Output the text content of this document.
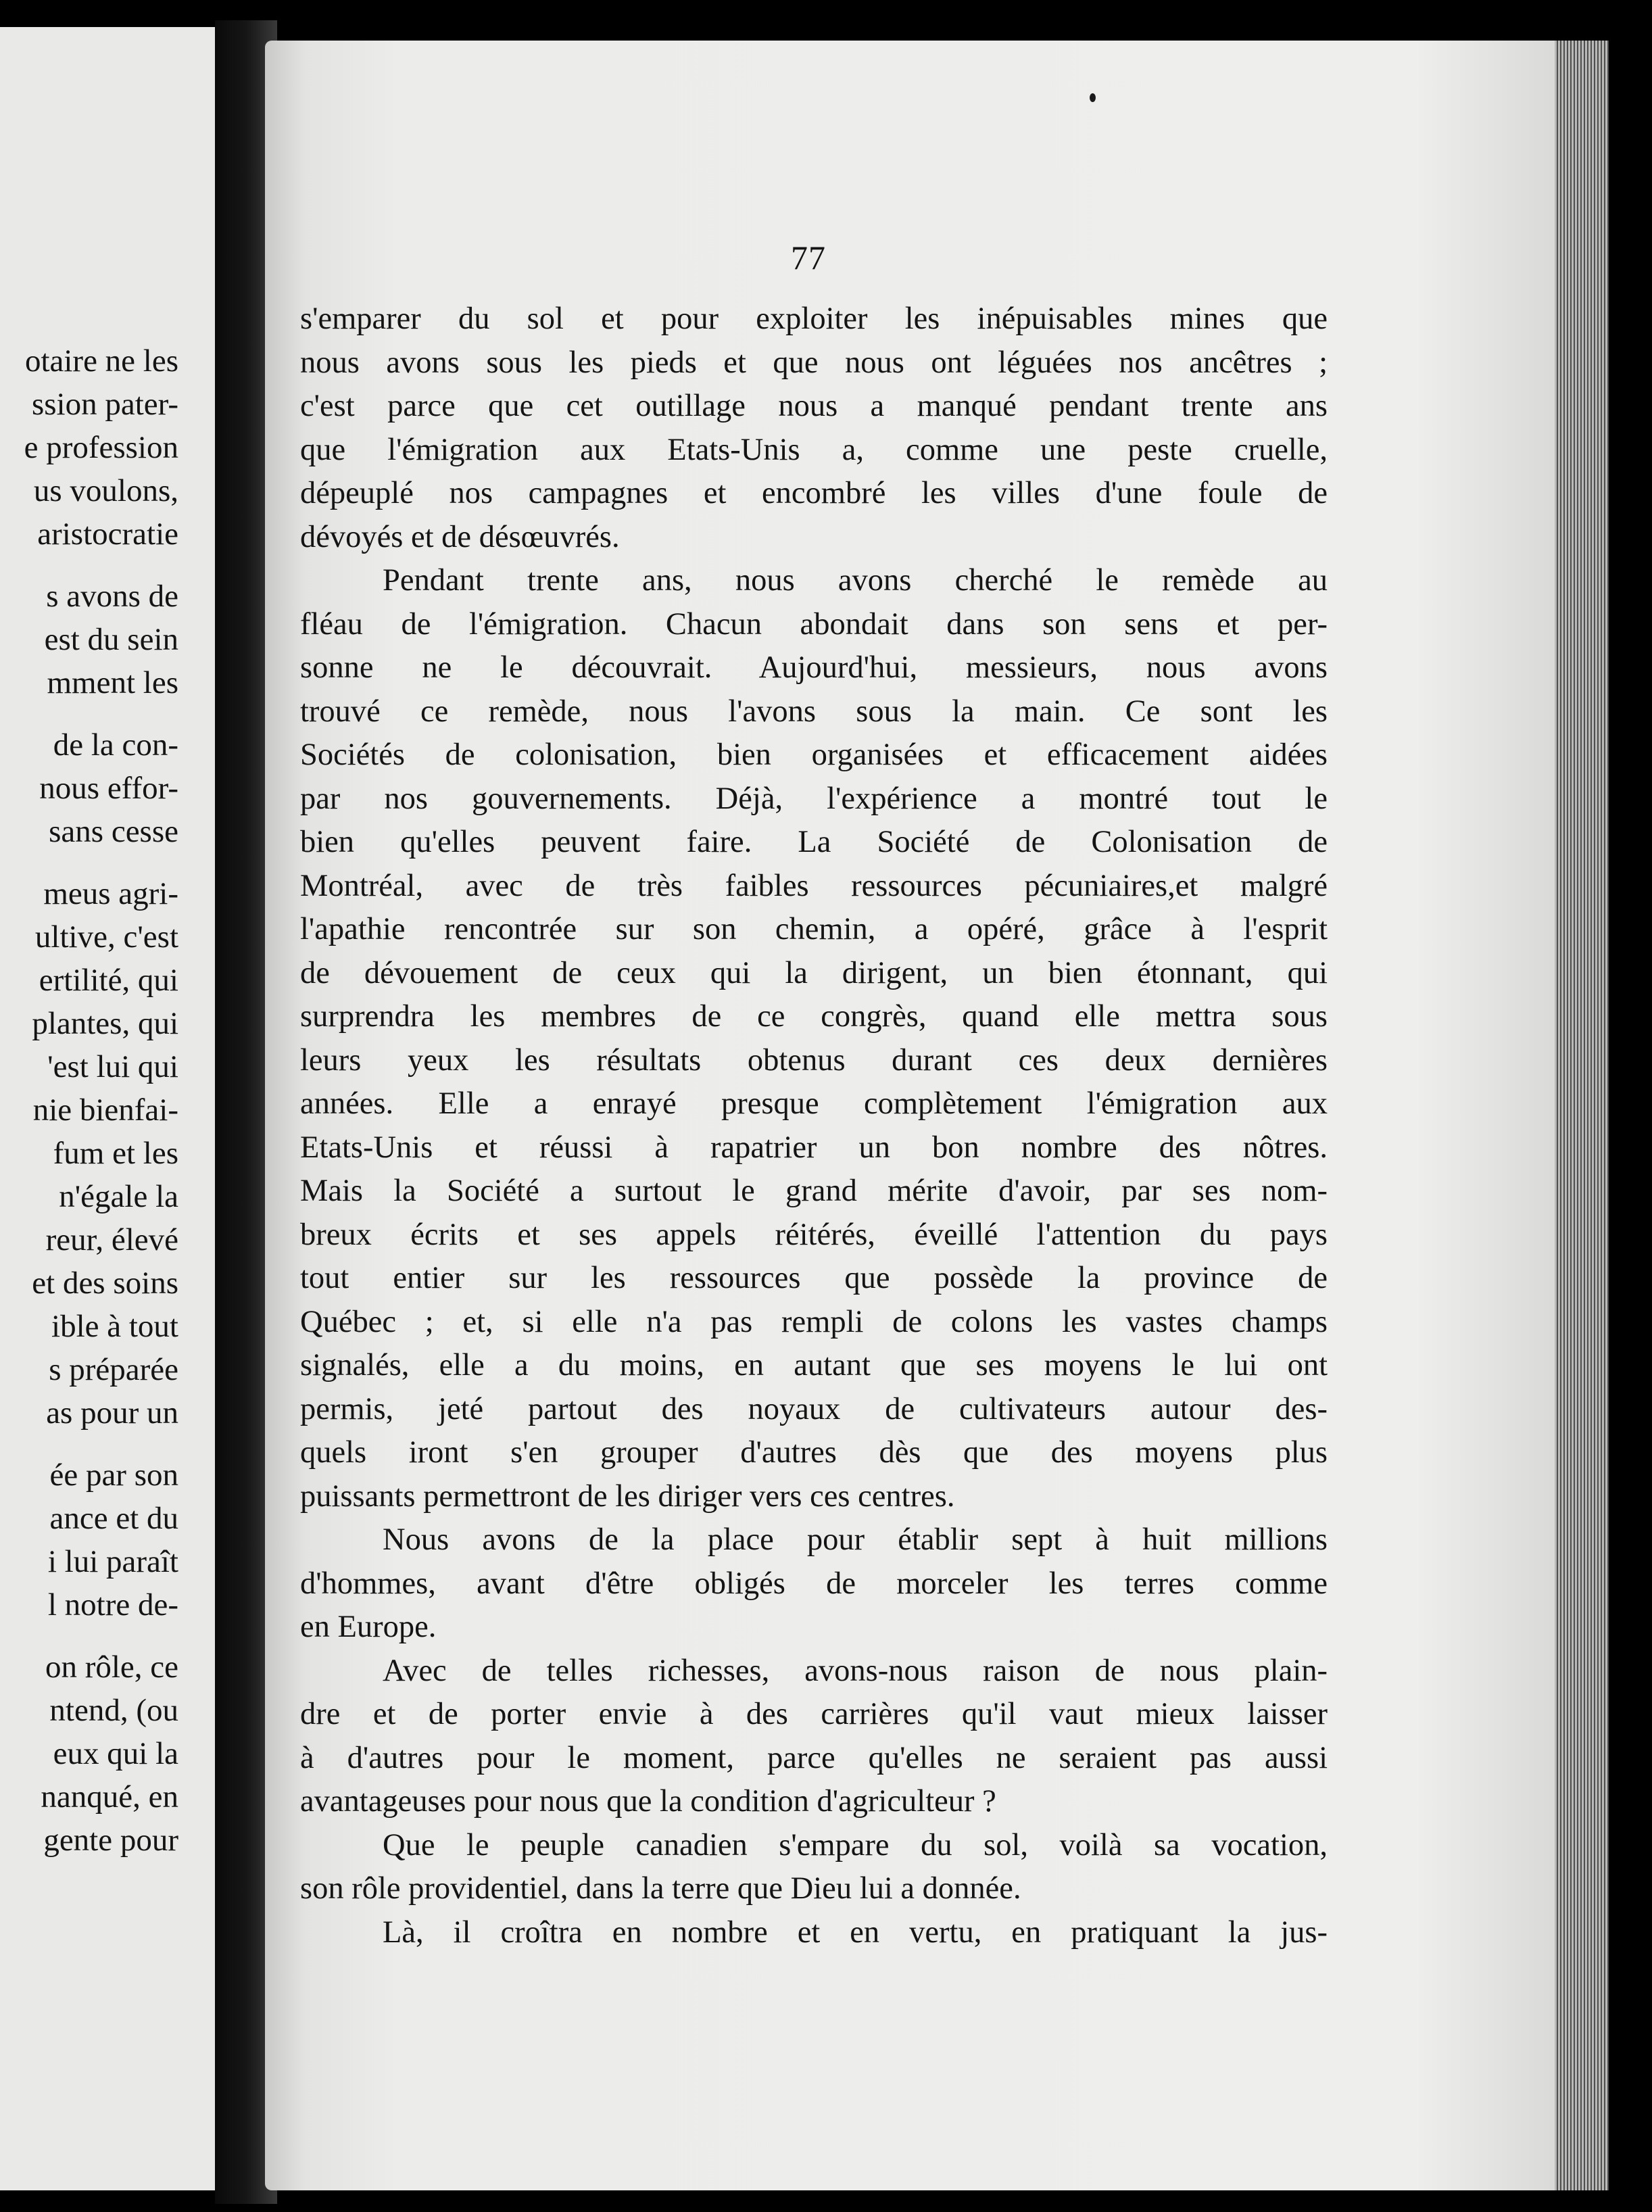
otaire ne les
ssion pater-
e profession
us voulons,
aristocratie
s avons de
est du sein
mment les
de la con-
nous effor-
sans cesse
meus agri-
ultive, c'est
ertilité, qui
plantes, qui
'est lui qui
nie bienfai-
fum et les
n'égale la
reur, élevé
et des soins
ible à tout
s préparée
as pour un
ée par son
ance et du
i lui paraît
l notre de-
on rôle, ce
ntend, (ou
eux qui la
nanqué, en
gente pour
77
s'emparer du sol et pour exploiter les inépuisables mines que
nous avons sous les pieds et que nous ont léguées nos ancêtres ;
c'est parce que cet outillage nous a manqué pendant trente ans
que l'émigration aux Etats-Unis a, comme une peste cruelle,
dépeuplé nos campagnes et encombré les villes d'une foule de
dévoyés et de désœuvrés.
Pendant trente ans, nous avons cherché le remède au
fléau de l'émigration. Chacun abondait dans son sens et per-
sonne ne le découvrait. Aujourd'hui, messieurs, nous avons
trouvé ce remède, nous l'avons sous la main. Ce sont les
Sociétés de colonisation, bien organisées et efficacement aidées
par nos gouvernements. Déjà, l'expérience a montré tout le
bien qu'elles peuvent faire. La Société de Colonisation de
Montréal, avec de très faibles ressources pécuniaires,et malgré
l'apathie rencontrée sur son chemin, a opéré, grâce à l'esprit
de dévouement de ceux qui la dirigent, un bien étonnant, qui
surprendra les membres de ce congrès, quand elle mettra sous
leurs yeux les résultats obtenus durant ces deux dernières
années. Elle a enrayé presque complètement l'émigration aux
Etats-Unis et réussi à rapatrier un bon nombre des nôtres.
Mais la Société a surtout le grand mérite d'avoir, par ses nom-
breux écrits et ses appels réitérés, éveillé l'attention du pays
tout entier sur les ressources que possède la province de
Québec ; et, si elle n'a pas rempli de colons les vastes champs
signalés, elle a du moins, en autant que ses moyens le lui ont
permis, jeté partout des noyaux de cultivateurs autour des-
quels iront s'en grouper d'autres dès que des moyens plus
puissants permettront de les diriger vers ces centres.
Nous avons de la place pour établir sept à huit millions
d'hommes, avant d'être obligés de morceler les terres comme
en Europe.
Avec de telles richesses, avons-nous raison de nous plain-
dre et de porter envie à des carrières qu'il vaut mieux laisser
à d'autres pour le moment, parce qu'elles ne seraient pas aussi
avantageuses pour nous que la condition d'agriculteur ?
Que le peuple canadien s'empare du sol, voilà sa vocation,
son rôle providentiel, dans la terre que Dieu lui a donnée.
Là, il croîtra en nombre et en vertu, en pratiquant la jus-
